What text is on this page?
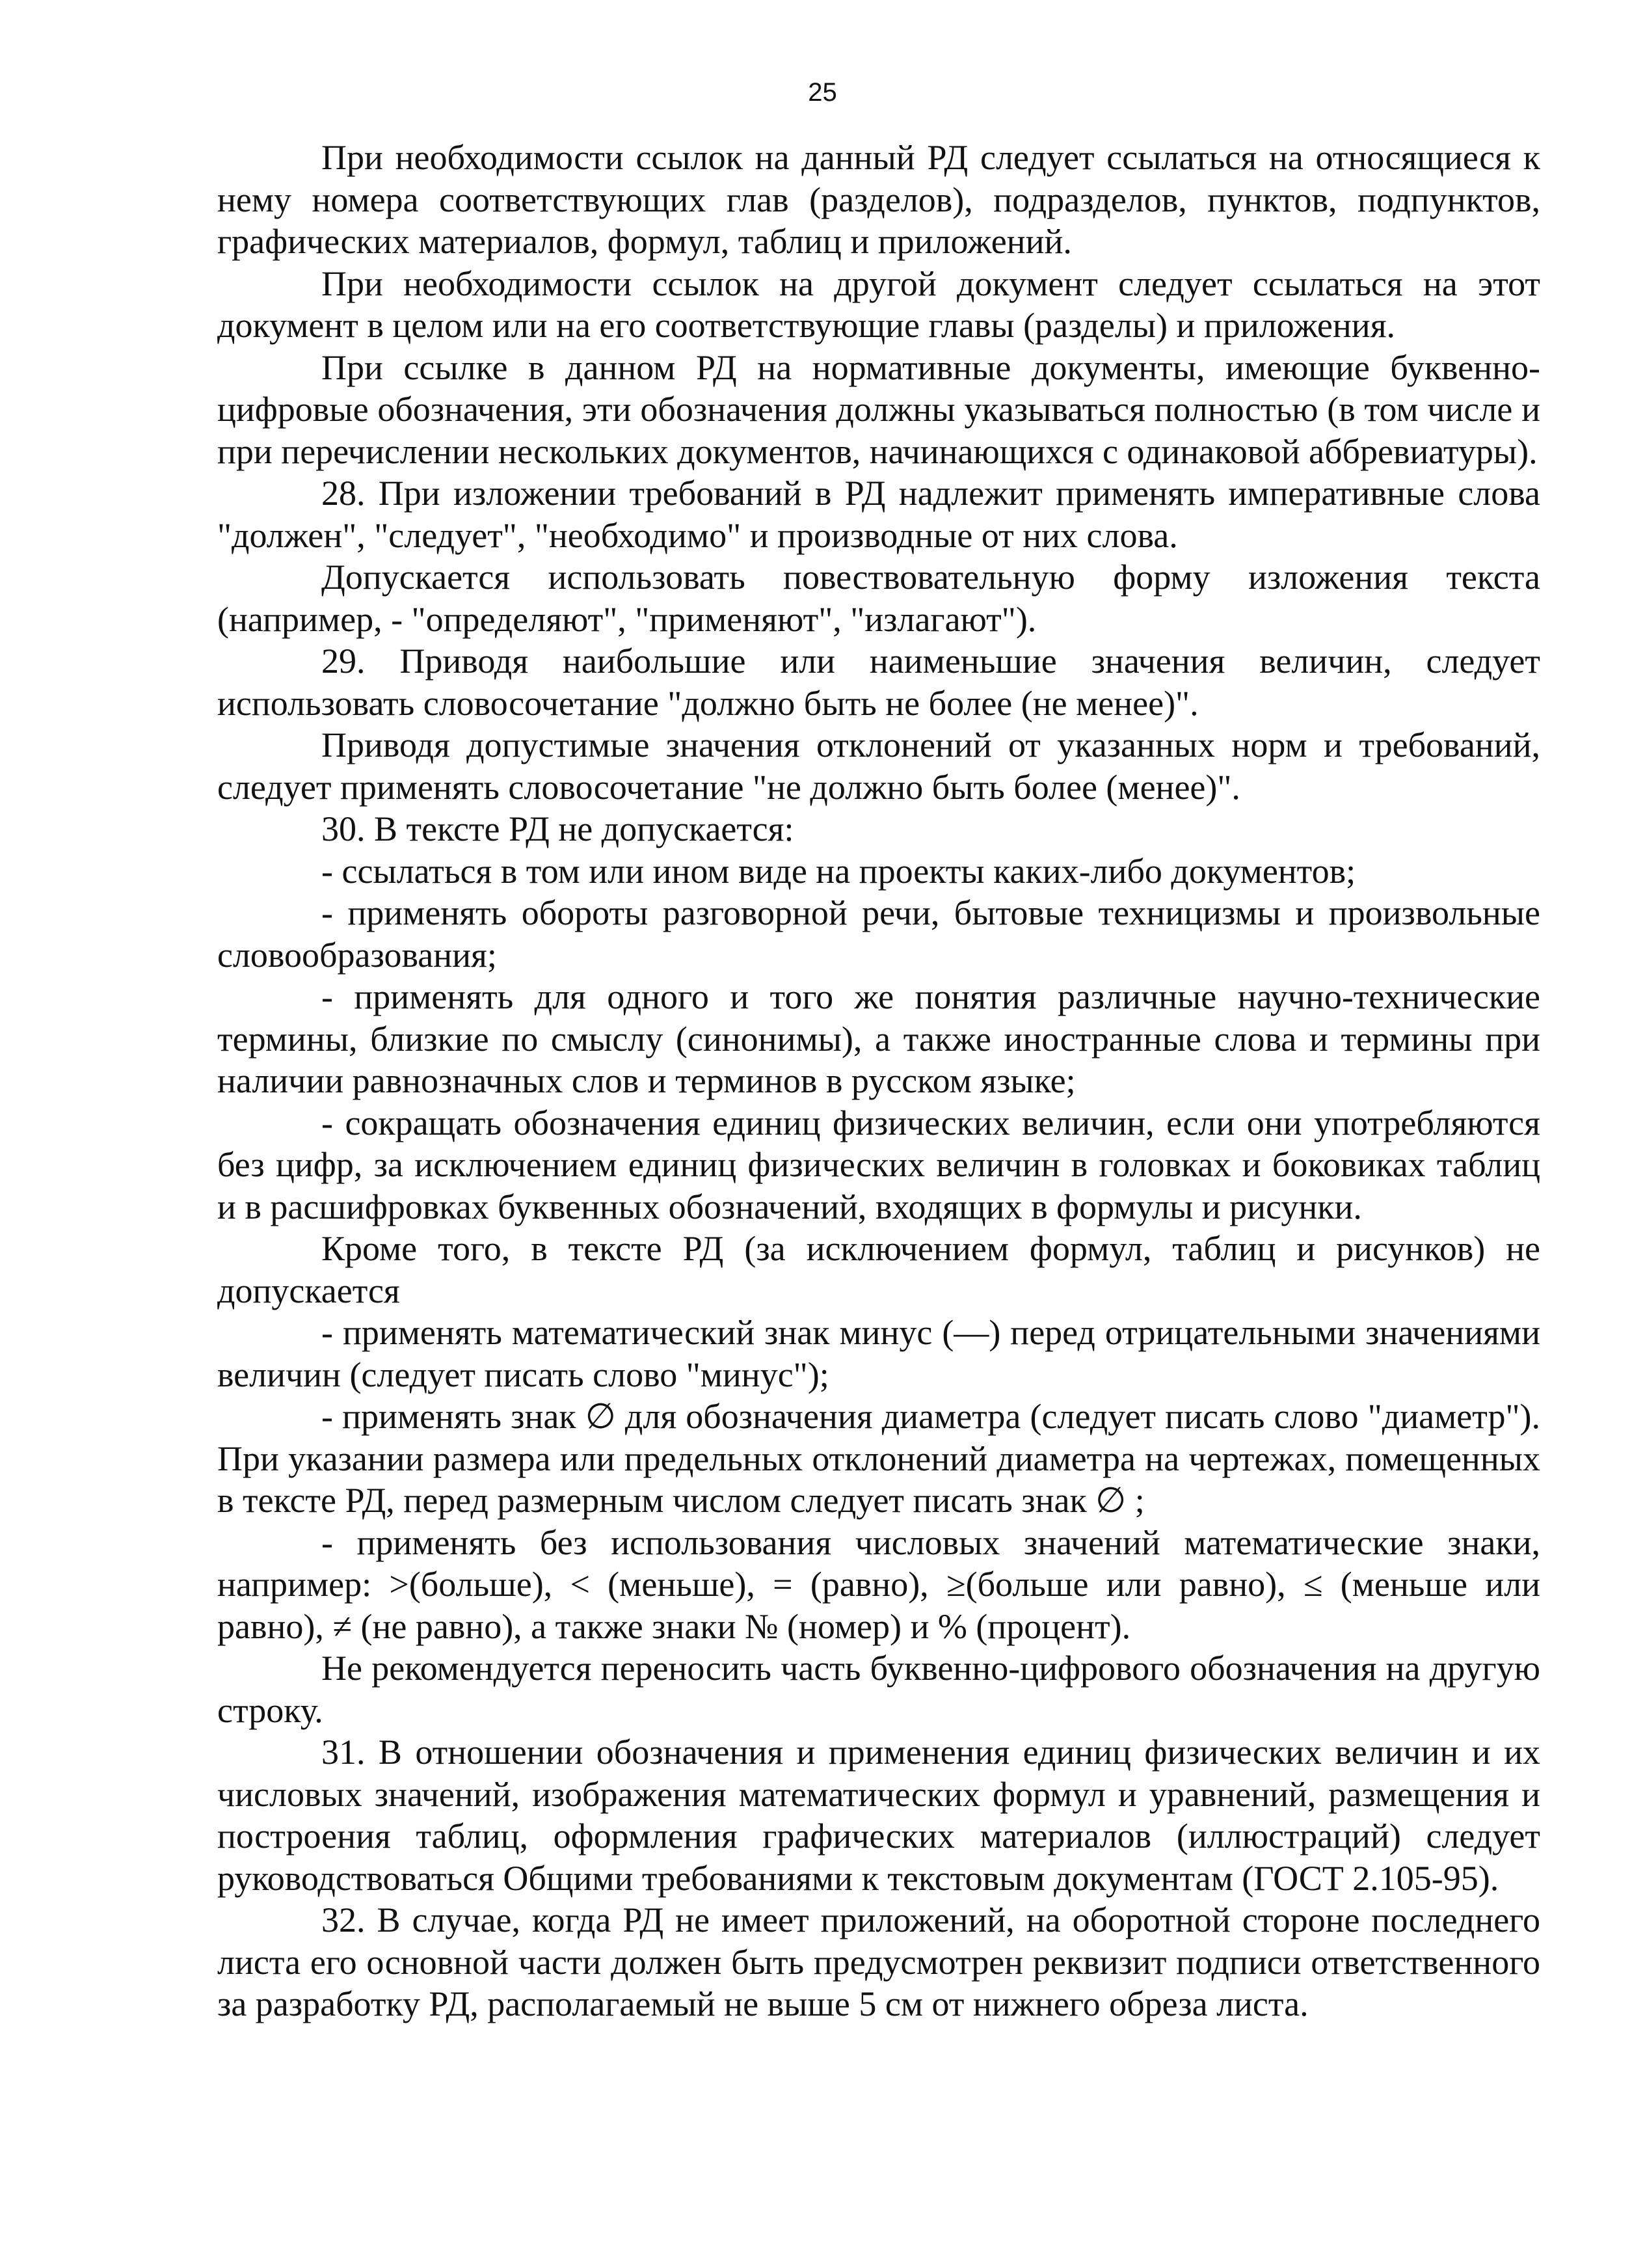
25

При необходимости ссылок на данный РД следует ссылаться на относящиеся к нему номера соответствующих глав (разделов), подразделов, пунктов, подпунктов, графических материалов, формул, таблиц и приложений.

При необходимости ссылок на другой документ следует ссылаться на этот документ в целом или на его соответствующие главы (разделы) и приложения.

При ссылке в данном РД на нормативные документы, имеющие буквенно-цифровые обозначения, эти обозначения должны указываться полностью (в том числе и при перечислении нескольких документов, начинающихся с одинаковой аббревиатуры).

28. При изложении требований в РД надлежит применять императивные слова "должен", "следует", "необходимо" и производные от них слова.

Допускается использовать повествовательную форму изложения текста (например, - "определяют", "применяют", "излагают").

29. Приводя наибольшие или наименьшие значения величин, следует использовать словосочетание "должно быть не более (не менее)".

Приводя допустимые значения отклонений от указанных норм и требований, следует применять словосочетание "не должно быть более (менее)".

30. В тексте РД не допускается:

- ссылаться в том или ином виде на проекты каких-либо документов;

- применять обороты разговорной речи, бытовые техницизмы и произвольные словообразования;

- применять для одного и того же понятия различные научно-технические термины, близкие по смыслу (синонимы), а также иностранные слова и термины при наличии равнозначных слов и терминов в русском языке;

- сокращать обозначения единиц физических величин, если они употребляются без цифр, за исключением единиц физических величин в головках и боковиках таблиц и в расшифровках буквенных обозначений, входящих в формулы и рисунки.

Кроме того, в тексте РД (за исключением формул, таблиц и рисунков) не допускается

- применять математический знак минус (—) перед отрицательными значениями величин (следует писать слово "минус");

- применять знак ∅ для обозначения диаметра (следует писать слово "диаметр"). При указании размера или предельных отклонений диаметра на чертежах, помещенных в тексте РД, перед размерным числом следует писать знак ∅ ;

- применять без использования числовых значений математические знаки, например: >(больше), < (меньше), = (равно), ≥(больше или равно), ≤ (меньше или равно), ≠ (не равно), а также знаки № (номер) и % (процент).

Не рекомендуется переносить часть буквенно-цифрового обозначения на другую строку.

31. В отношении обозначения и применения единиц физических величин и их числовых значений, изображения математических формул и уравнений, размещения и построения таблиц, оформления графических материалов (иллюстраций) следует руководствоваться Общими требованиями к текстовым документам (ГОСТ 2.105-95).

32. В случае, когда РД не имеет приложений, на оборотной стороне последнего листа его основной части должен быть предусмотрен реквизит подписи ответственного за разработку РД, располагаемый не выше 5 см от нижнего обреза листа.
